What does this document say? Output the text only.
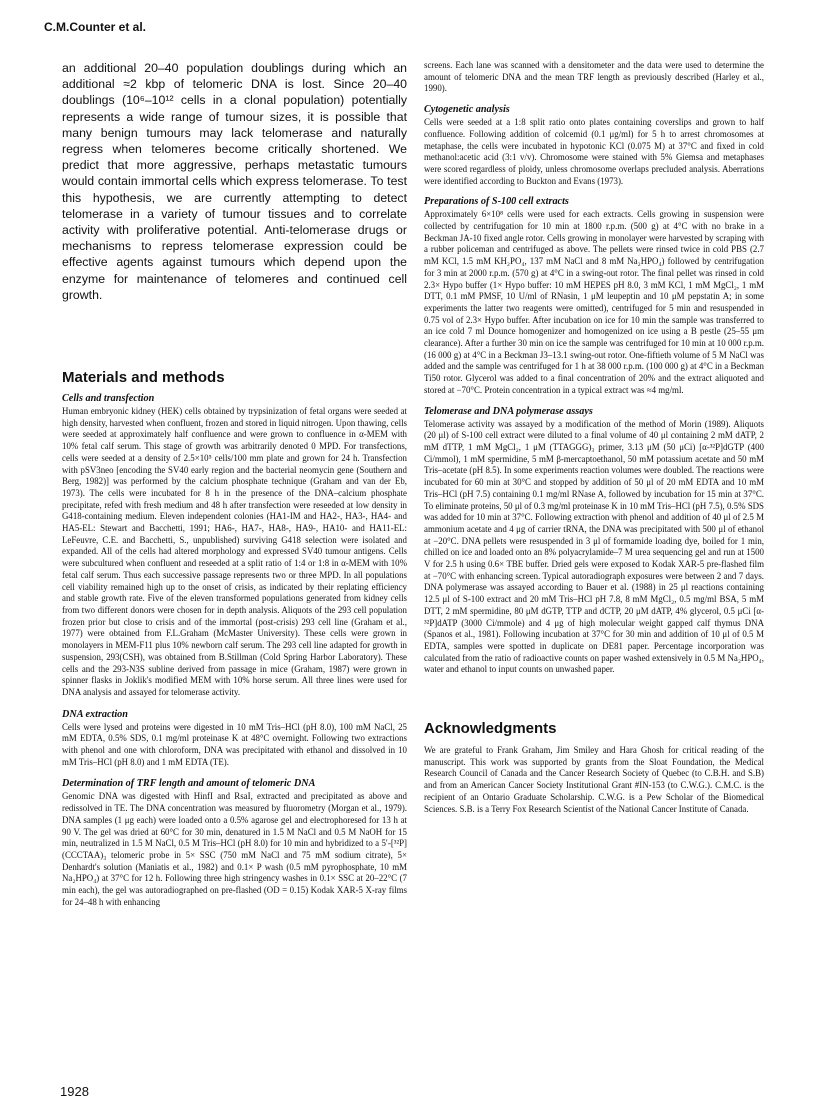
C.M.Counter et al.

an additional 20–40 population doublings during which an additional ≈2 kbp of telomeric DNA is lost. Since 20–40 doublings (10⁶–10¹² cells in a clonal population) potentially represents a wide range of tumour sizes, it is possible that many benign tumours may lack telomerase and naturally regress when telomeres become critically shortened. We predict that more aggressive, perhaps metastatic tumours would contain immortal cells which express telomerase. To test this hypothesis, we are currently attempting to detect telomerase in a variety of tumour tissues and to correlate activity with proliferative potential. Anti-telomerase drugs or mechanisms to repress telomerase expression could be effective agents against tumours which depend upon the enzyme for maintenance of telomeres and continued cell growth.

Materials and methods
Cells and transfection

Human embryonic kidney (HEK) cells obtained by trypsinization of fetal organs were seeded at high density, harvested when confluent, frozen and stored in liquid nitrogen. Upon thawing, cells were seeded at approximately half confluence and were grown to confluence in α-MEM with 10% fetal calf serum. This stage of growth was arbitrarily denoted 0 MPD. For transfections, cells were seeded at a density of 2.5×10⁵ cells/100 mm plate and grown for 24 h. Transfection with pSV3neo [encoding the SV40 early region and the bacterial neomycin gene (Southern and Berg, 1982)] was performed by the calcium phosphate technique (Graham and van der Eb, 1973). The cells were incubated for 8 h in the presence of the DNA–calcium phosphate precipitate, refed with fresh medium and 48 h after transfection were reseeded at low density in G418-containing medium. Eleven independent colonies (HA1-IM and HA2-, HA3-, HA4- and HA5-EL: Stewart and Bacchetti, 1991; HA6-, HA7-, HA8-, HA9-, HA10- and HA11-EL: LeFeuvre, C.E. and Bacchetti, S., unpublished) surviving G418 selection were isolated and expanded. All of the cells had altered morphology and expressed SV40 tumour antigens. Cells were subcultured when confluent and reseeded at a split ratio of 1:4 or 1:8 in α-MEM with 10% fetal calf serum. Thus each successive passage represents two or three MPD. In all populations cell viability remained high up to the onset of crisis, as indicated by their replating efficiency and stable growth rate. Five of the eleven transformed populations generated from kidney cells from two different donors were chosen for in depth analysis. Aliquots of the 293 cell population frozen prior but close to crisis and of the immortal (post-crisis) 293 cell line (Graham et al., 1977) were obtained from F.L.Graham (McMaster University). These cells were grown in monolayers in MEM-F11 plus 10% newborn calf serum. The 293 cell line adapted for growth in suspension, 293(CSH), was obtained from B.Stillman (Cold Spring Harbor Laboratory). These cells and the 293-N3S subline derived from passage in mice (Graham, 1987) were grown in spinner flasks in Joklik's modified MEM with 10% horse serum. All three lines were used for DNA analysis and assayed for telomerase activity.

DNA extraction

Cells were lysed and proteins were digested in 10 mM Tris–HCl (pH 8.0), 100 mM NaCl, 25 mM EDTA, 0.5% SDS, 0.1 mg/ml proteinase K at 48°C overnight. Following two extractions with phenol and one with chloroform, DNA was precipitated with ethanol and dissolved in 10 mM Tris–HCl (pH 8.0) and 1 mM EDTA (TE).

Determination of TRF length and amount of telomeric DNA

Genomic DNA was digested with HinfI and RsaI, extracted and precipitated as above and redissolved in TE. The DNA concentration was measured by fluorometry (Morgan et al., 1979). DNA samples (1 μg each) were loaded onto a 0.5% agarose gel and electrophoresed for 13 h at 90 V. The gel was dried at 60°C for 30 min, denatured in 1.5 M NaCl and 0.5 M NaOH for 15 min, neutralized in 1.5 M NaCl, 0.5 M Tris–HCl (pH 8.0) for 10 min and hybridized to a 5′-[³²P](CCCTAA)₃ telomeric probe in 5× SSC (750 mM NaCl and 75 mM sodium citrate), 5× Denhardt's solution (Maniatis et al., 1982) and 0.1× P wash (0.5 mM pyrophosphate, 10 mM Na₂HPO₄) at 37°C for 12 h. Following three high stringency washes in 0.1× SSC at 20–22°C (7 min each), the gel was autoradiographed on pre-flashed (OD = 0.15) Kodak XAR-5 X-ray films for 24–48 h with enhancing

screens. Each lane was scanned with a densitometer and the data were used to determine the amount of telomeric DNA and the mean TRF length as previously described (Harley et al., 1990).

Cytogenetic analysis

Cells were seeded at a 1:8 split ratio onto plates containing coverslips and grown to half confluence. Following addition of colcemid (0.1 μg/ml) for 5 h to arrest chromosomes at metaphase, the cells were incubated in hypotonic KCl (0.075 M) at 37°C and fixed in cold methanol:acetic acid (3:1 v/v). Chromosome were stained with 5% Giemsa and metaphases were scored regardless of ploidy, unless chromosome overlaps precluded analysis. Aberrations were identified according to Buckton and Evans (1973).

Preparations of S-100 cell extracts

Approximately 6×10⁸ cells were used for each extracts. Cells growing in suspension were collected by centrifugation for 10 min at 1800 r.p.m. (500 g) at 4°C with no brake in a Beckman JA-10 fixed angle rotor. Cells growing in monolayer were harvested by scraping with a rubber policeman and centrifuged as above. The pellets were rinsed twice in cold PBS (2.7 mM KCl, 1.5 mM KH₂PO₄, 137 mM NaCl and 8 mM Na₂HPO₄) followed by centrifugation for 3 min at 2000 r.p.m. (570 g) at 4°C in a swing-out rotor. The final pellet was rinsed in cold 2.3× Hypo buffer (1× Hypo buffer: 10 mM HEPES pH 8.0, 3 mM KCl, 1 mM MgCl₂, 1 mM DTT, 0.1 mM PMSF, 10 U/ml of RNasin, 1 μM leupeptin and 10 μM pepstatin A; in some experiments the latter two reagents were omitted), centrifuged for 5 min and resuspended in 0.75 vol of 2.3× Hypo buffer. After incubation on ice for 10 min the sample was transferred to an ice cold 7 ml Dounce homogenizer and homogenized on ice using a B pestle (25–55 μm clearance). After a further 30 min on ice the sample was centrifuged for 10 min at 10 000 r.p.m. (16 000 g) at 4°C in a Beckman J3–13.1 swing-out rotor. One-fiftieth volume of 5 M NaCl was added and the sample was centrifuged for 1 h at 38 000 r.p.m. (100 000 g) at 4°C in a Beckman Ti50 rotor. Glycerol was added to a final concentration of 20% and the extract aliquoted and stored at −70°C. Protein concentration in a typical extract was ≈4 mg/ml.

Telomerase and DNA polymerase assays

Telomerase activity was assayed by a modification of the method of Morin (1989). Aliquots (20 μl) of S-100 cell extract were diluted to a final volume of 40 μl containing 2 mM dATP, 2 mM dTTP, 1 mM MgCl₂, 1 μM (TTAGGG)₃ primer, 3.13 μM (50 μCi) [α-³²P]dGTP (400 Ci/mmol), 1 mM spermidine, 5 mM β-mercaptoethanol, 50 mM potassium acetate and 50 mM Tris–acetate (pH 8.5). In some experiments reaction volumes were doubled. The reactions were incubated for 60 min at 30°C and stopped by addition of 50 μl of 20 mM EDTA and 10 mM Tris–HCl (pH 7.5) containing 0.1 mg/ml RNase A, followed by incubation for 15 min at 37°C. To eliminate proteins, 50 μl of 0.3 mg/ml proteinase K in 10 mM Tris–HCl (pH 7.5), 0.5% SDS was added for 10 min at 37°C. Following extraction with phenol and addition of 40 μl of 2.5 M ammonium acetate and 4 μg of carrier tRNA, the DNA was precipitated with 500 μl of ethanol at −20°C. DNA pellets were resuspended in 3 μl of formamide loading dye, boiled for 1 min, chilled on ice and loaded onto an 8% polyacrylamide–7 M urea sequencing gel and run at 1500 V for 2.5 h using 0.6× TBE buffer. Dried gels were exposed to Kodak XAR-5 pre-flashed film at −70°C with enhancing screen. Typical autoradiograph exposures were between 2 and 7 days. DNA polymerase was assayed according to Bauer et al. (1988) in 25 μl reactions containing 12.5 μl of S-100 extract and 20 mM Tris–HCl pH 7.8, 8 mM MgCl₂, 0.5 mg/ml BSA, 5 mM DTT, 2 mM spermidine, 80 μM dGTP, TTP and dCTP, 20 μM dATP, 4% glycerol, 0.5 μCi [α-³²P]dATP (3000 Ci/mmole) and 4 μg of high molecular weight gapped calf thymus DNA (Spanos et al., 1981). Following incubation at 37°C for 30 min and addition of 10 μl of 0.5 M EDTA, samples were spotted in duplicate on DE81 paper. Percentage incorporation was calculated from the ratio of radioactive counts on paper washed extensively in 0.5 M Na₂HPO₄, water and ethanol to input counts on unwashed paper.

Acknowledgments

We are grateful to Frank Graham, Jim Smiley and Hara Ghosh for critical reading of the manuscript. This work was supported by grants from the Sloat Foundation, the Medical Research Council of Canada and the Cancer Research Society of Quebec (to C.B.H. and S.B) and from an American Cancer Society Institutional Grant #IN-153 (to C.W.G.). C.M.C. is the recipient of an Ontario Graduate Scholarship. C.W.G. is a Pew Scholar of the Biomedical Sciences. S.B. is a Terry Fox Research Scientist of the National Cancer Institute of Canada.

1928
